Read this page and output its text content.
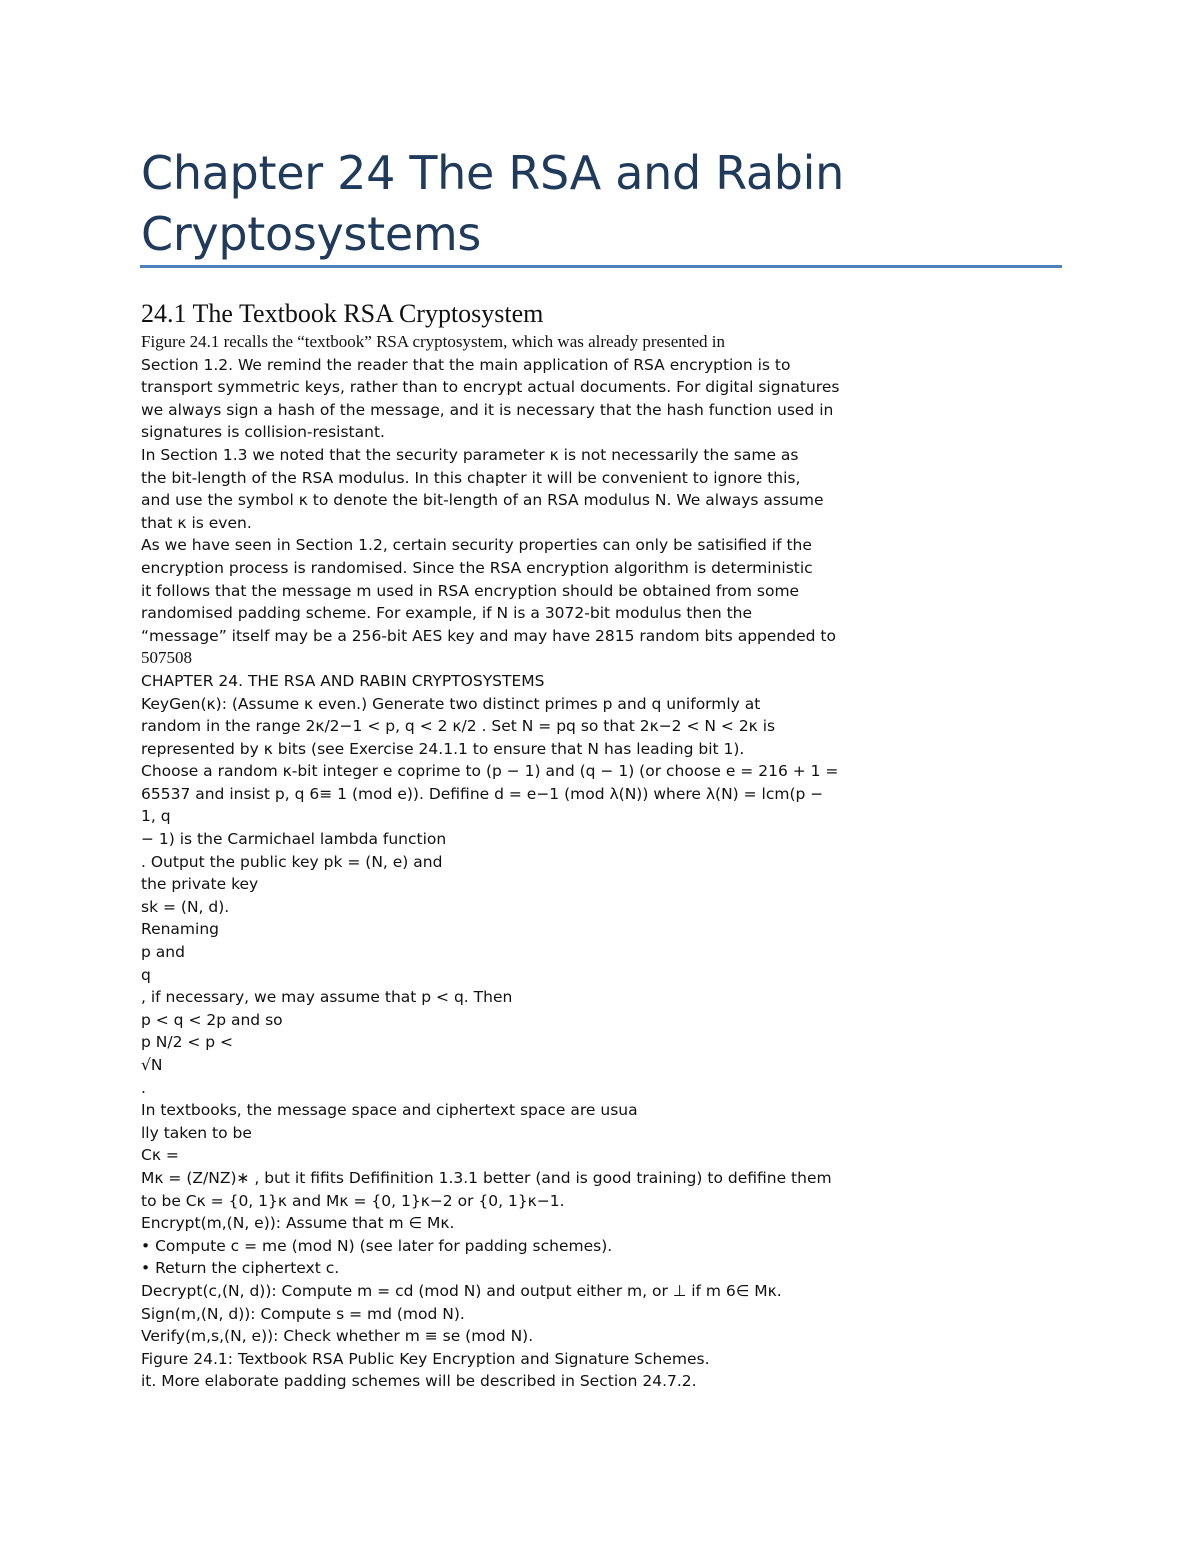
Chapter 24 The RSA and Rabin
Cryptosystems
24.1 The Textbook RSA Cryptosystem
Figure 24.1 recalls the “textbook” RSA cryptosystem, which was already presented in
Section 1.2. We remind the reader that the main application of RSA encryption is to
transport symmetric keys, rather than to encrypt actual documents. For digital signatures
we always sign a hash of the message, and it is necessary that the hash function used in
signatures is collision-resistant.
In Section 1.3 we noted that the security parameter κ is not necessarily the same as
the bit-length of the RSA modulus. In this chapter it will be convenient to ignore this,
and use the symbol κ to denote the bit-length of an RSA modulus N. We always assume
that κ is even.
As we have seen in Section 1.2, certain security properties can only be satisified if the
encryption process is randomised. Since the RSA encryption algorithm is deterministic
it follows that the message m used in RSA encryption should be obtained from some
randomised padding scheme. For example, if N is a 3072-bit modulus then the
“message” itself may be a 256-bit AES key and may have 2815 random bits appended to
507508
CHAPTER 24. THE RSA AND RABIN CRYPTOSYSTEMS
KeyGen(κ): (Assume κ even.) Generate two distinct primes p and q uniformly at
random in the range 2κ/2−1 < p, q < 2 κ/2 . Set N = pq so that 2κ−2 < N < 2κ is
represented by κ bits (see Exercise 24.1.1 to ensure that N has leading bit 1).
Choose a random κ-bit integer e coprime to (p − 1) and (q − 1) (or choose e = 216 + 1 =
65537 and insist p, q 6≡ 1 (mod e)). Defifine d = e−1 (mod λ(N)) where λ(N) = lcm(p −
1, q
− 1) is the Carmichael lambda function
. Output the public key pk = (N, e) and
the private key
sk = (N, d).
Renaming
p and
q
, if necessary, we may assume that p < q. Then
p < q < 2p and so
p N/2 < p <
√N
.
In textbooks, the message space and ciphertext space are usua
lly taken to be
Cκ =
Mκ = (Z/NZ)∗ , but it fifits Defifinition 1.3.1 better (and is good training) to defifine them
to be Cκ = {0, 1}κ and Mκ = {0, 1}κ−2 or {0, 1}κ−1.
Encrypt(m,(N, e)): Assume that m ∈ Mκ.
• Compute c = me (mod N) (see later for padding schemes).
• Return the ciphertext c.
Decrypt(c,(N, d)): Compute m = cd (mod N) and output either m, or ⊥ if m 6∈ Mκ.
Sign(m,(N, d)): Compute s = md (mod N).
Verify(m,s,(N, e)): Check whether m ≡ se (mod N).
Figure 24.1: Textbook RSA Public Key Encryption and Signature Schemes.
it. More elaborate padding schemes will be described in Section 24.7.2.
